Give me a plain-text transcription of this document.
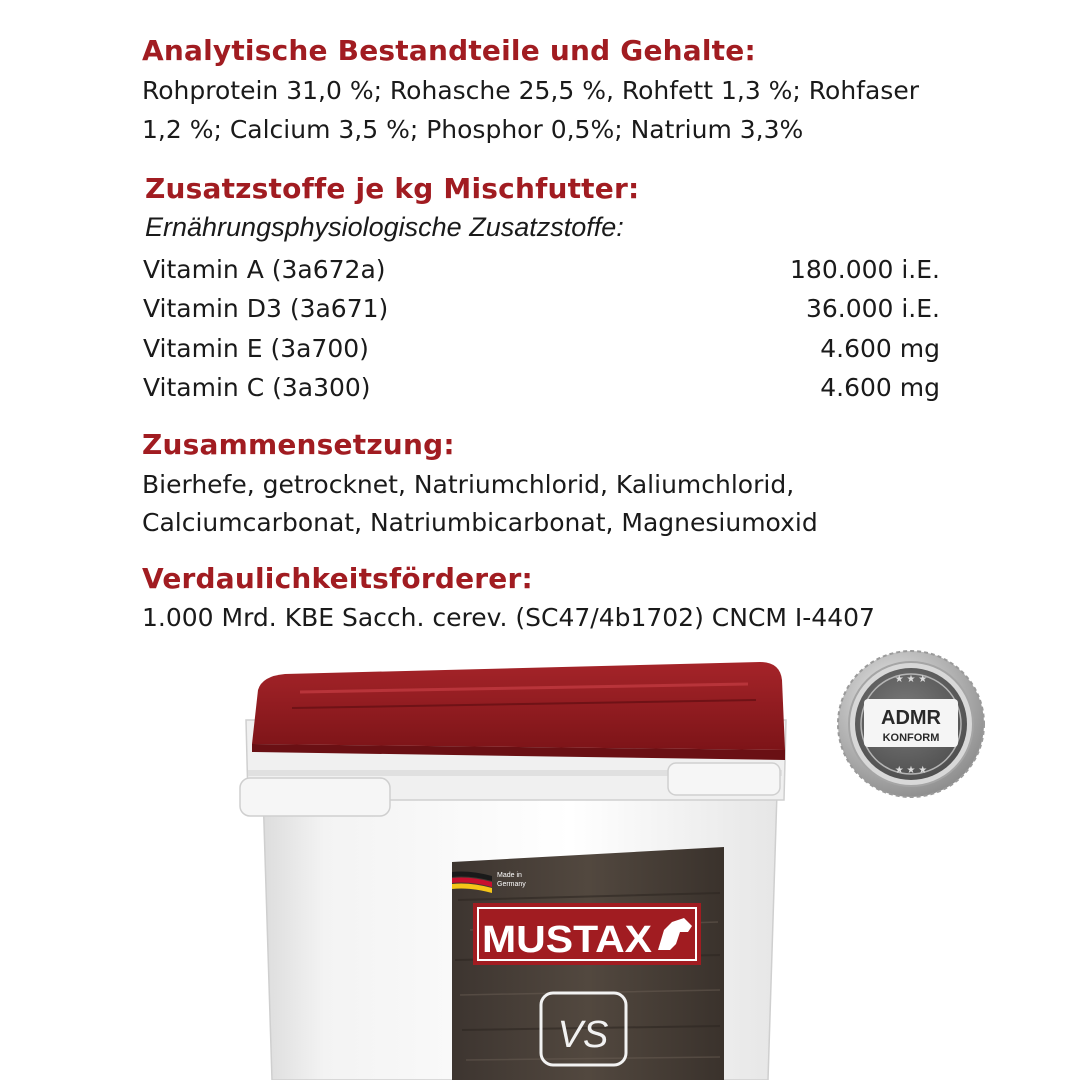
Analytische Bestandteile und Gehalte:
Rohprotein 31,0 %; Rohasche 25,5 %, Rohfett 1,3 %; Rohfaser
1,2 %; Calcium 3,5 %; Phosphor 0,5%; Natrium 3,3%
Zusatzstoffe je kg Mischfutter:
Ernährungsphysiologische Zusatzstoffe:
Vitamin A (3a672a)	180.000 i.E.
Vitamin D3 (3a671)	36.000 i.E.
Vitamin E (3a700)	4.600 mg
Vitamin C (3a300)	4.600 mg
Zusammensetzung:
Bierhefe, getrocknet, Natriumchlorid, Kaliumchlorid,
Calciumcarbonat, Natriumbicarbonat, Magnesiumoxid
Verdaulichkeitsförderer:
1.000 Mrd. KBE Sacch. cerev. (SC47/4b1702) CNCM I-4407
Made in
Germany
MUSTAX
VS
★ ★ ★
★ ★ ★
ADMR
KONFORM
